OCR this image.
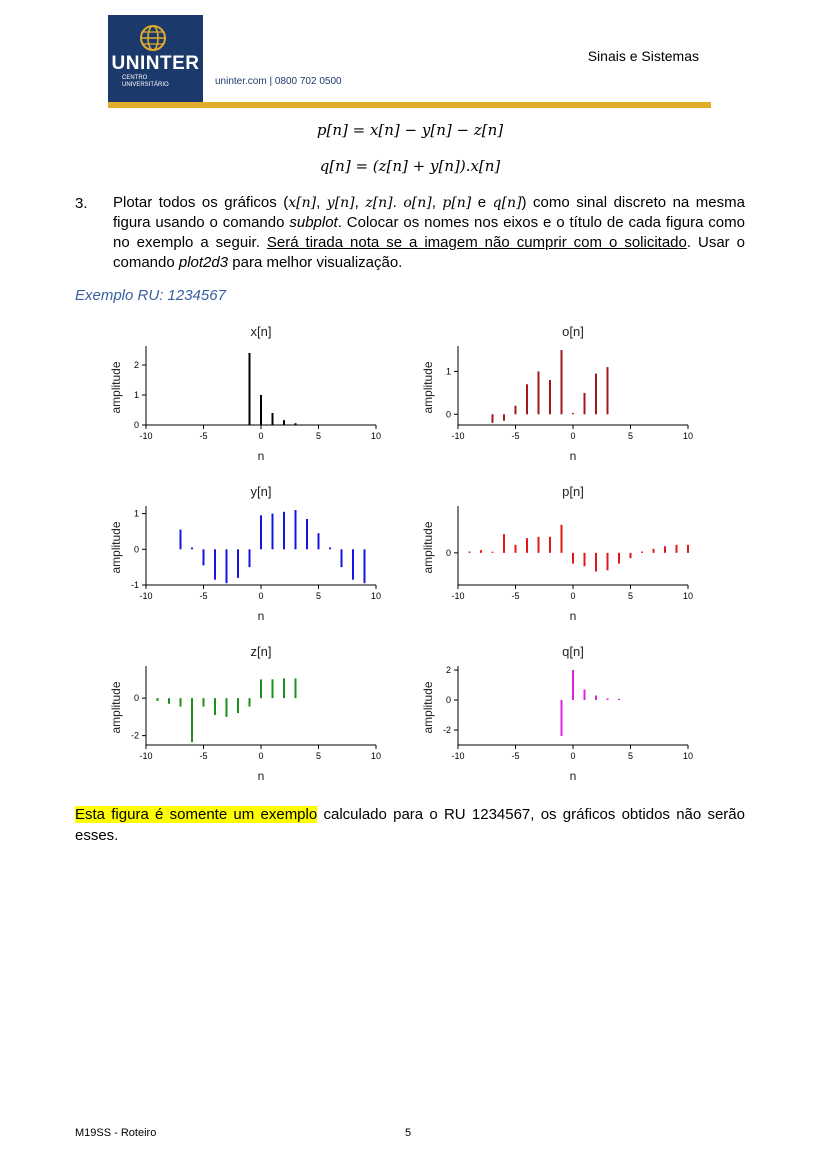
UNINTER
CENTRO
UNIVERSITÁRIO	uninter.com | 0800 702 0500
Sinais e Sistemas
p[n] = x[n] − y[n] − z[n]
q[n] = (z[n] + y[n]).x[n]
3. Plotar todos os gráficos (x[n], y[n], z[n]. o[n], p[n] e q[n]) como sinal discreto na mesma figura usando o comando subplot. Colocar os nomes nos eixos e o título de cada figura como no exemplo a seguir. Será tirada nota se a imagem não cumprir com o solicitado. Usar o comando plot2d3 para melhor visualização.
Exemplo RU: 1234567
x[n]
-10	-5	0	5	10
0
1
2
n
amplitude
o[n]
-10	-5	0	5	10
0
1
n
amplitude
y[n]
-10	-5	0	5	10
-1
0
1
n
amplitude
p[n]
-10	-5	0	5	10
0
n
amplitude
z[n]
-10	-5	0	5	10
-2
0
n
amplitude
q[n]
-10	-5	0	5	10
-2
0
2
n
amplitude
Esta figura é somente um exemplo calculado para o RU 1234567, os gráficos obtidos não serão esses.
M19SS - Roteiro	5
